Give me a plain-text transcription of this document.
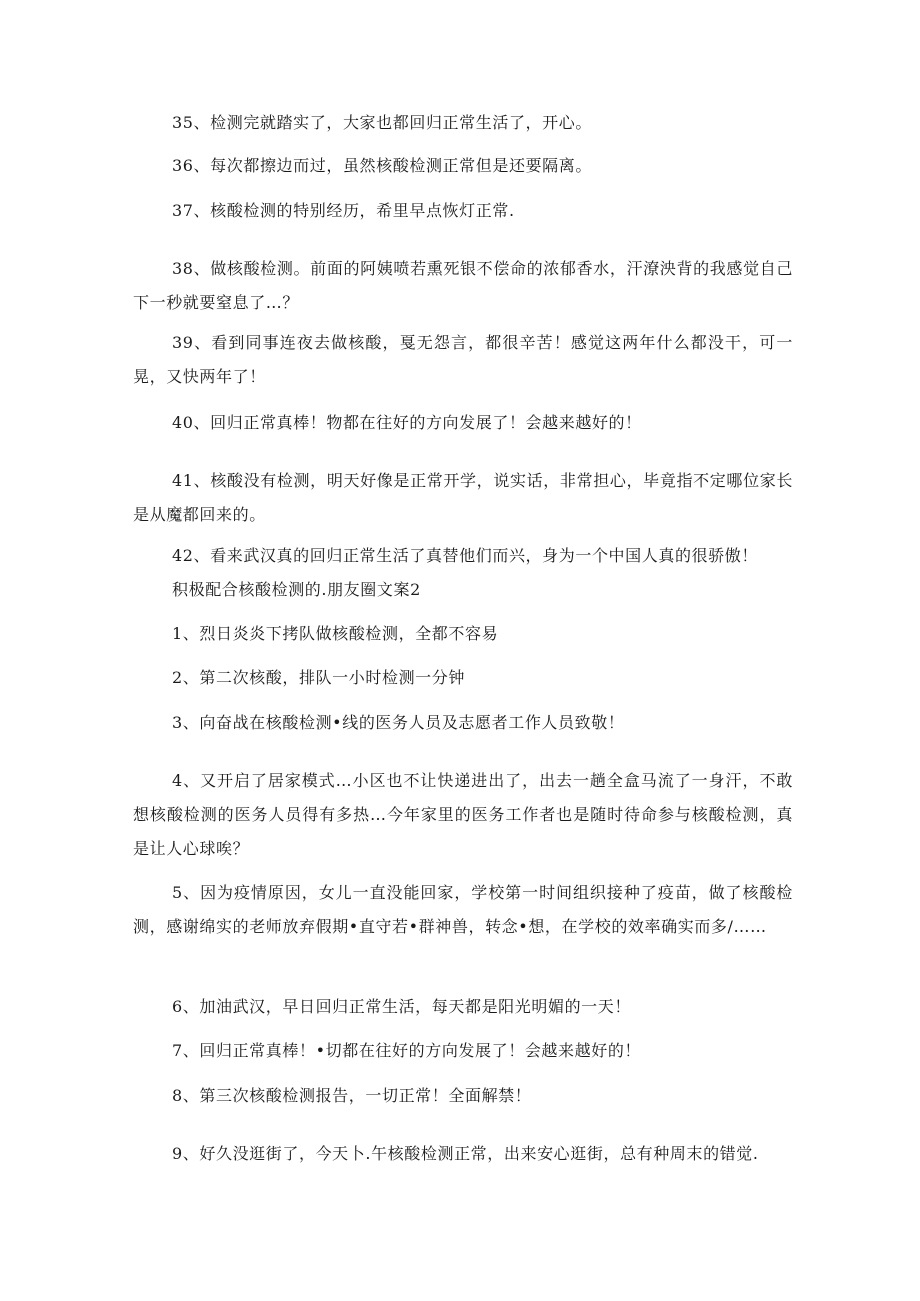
35、检测完就踏实了，大家也都回归正常生活了，开心。

36、每次都擦边而过，虽然核酸检测正常但是还要隔离。

37、核酸检测的特别经历，希里早点恢灯正常.

38、做核酸检测。前面的阿姨喷若熏死银不偿命的浓郁香水，汗潦泱背的我感觉自己下一秒就要窒息了…？

39、看到同事连夜去做核酸，戛无怨言，都很辛苦！感觉这两年什么都没干，可一晃，又快两年了！

40、回归正常真棒！物都在往好的方向发展了！会越来越好的！

41、核酸没有检测，明天好像是正常开学，说实话，非常担心，毕竟指不定哪位家长是从魔都回来的。

42、看来武汉真的回归正常生活了真替他们而兴，身为一个中国人真的很骄傲！

积极配合核酸检测的.朋友圈文案2

1、烈日炎炎下拷队做核酸检测，全都不容易

2、第二次核酸，排队一小时检测一分钟

3、向奋战在核酸检测•线的医务人员及志愿者工作人员致敬！

4、又开启了居家模式…小区也不让快递进出了，出去一趟全盒马流了一身汗，不敢想核酸检测的医务人员得有多热…今年家里的医务工作者也是随时待命参与核酸检测，真是让人心球唉？

5、因为疫情原因，女儿一直没能回家，学校第一时间组织接种了疫苗，做了核酸检测，感谢绵实的老师放弃假期•直守若•群神兽，转念•想，在学校的效率确实而多/……

6、加油武汉，早日回归正常生活，每天都是阳光明媚的一天！

7、回归正常真棒！•切都在往好的方向发展了！会越来越好的！

8、第三次核酸检测报告，一切正常！全面解禁！

9、好久没逛街了，今天卜.午核酸检测正常，出来安心逛街，总有种周末的错觉.
